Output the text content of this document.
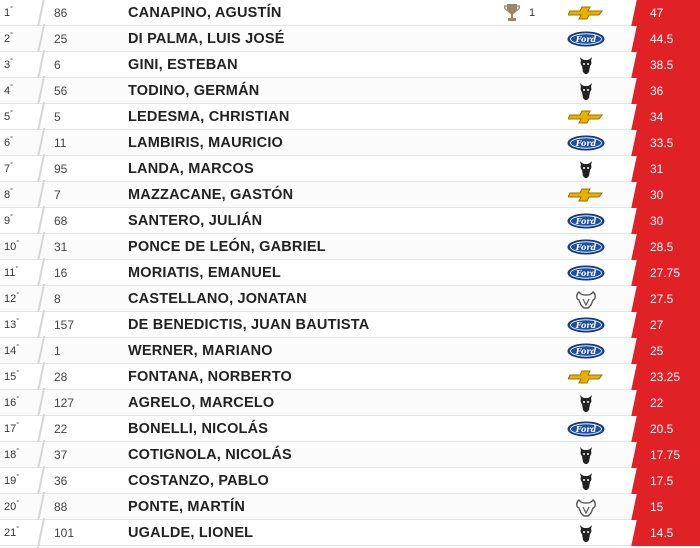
1°	86	CANAPINO, AGUSTÍN	1	47
2°	25	DI PALMA, LUIS JOSÉ	Ford	44.5
3°	6	GINI, ESTEBAN	38.5
4°	56	TODINO, GERMÁN	36
5°	5	LEDESMA, CHRISTIAN	34
6°	11	LAMBIRIS, MAURICIO	Ford	33.5
7°	95	LANDA, MARCOS	31
8°	7	MAZZACANE, GASTÓN	30
9°	68	SANTERO, JULIÁN	Ford	30
10°	31	PONCE DE LEÓN, GABRIEL	Ford	28.5
11°	16	MORIATIS, EMANUEL	Ford	27.75
12°	8	CASTELLANO, JONATAN	27.5
13°	157	DE BENEDICTIS, JUAN BAUTISTA	Ford	27
14°	1	WERNER, MARIANO	Ford	25
15°	28	FONTANA, NORBERTO	23.25
16°	127	AGRELO, MARCELO	22
17°	22	BONELLI, NICOLÁS	Ford	20.5
18°	37	COTIGNOLA, NICOLÁS	17.75
19°	36	COSTANZO, PABLO	17.5
20°	88	PONTE, MARTÍN	15
21°	101	UGALDE, LIONEL	14.5
